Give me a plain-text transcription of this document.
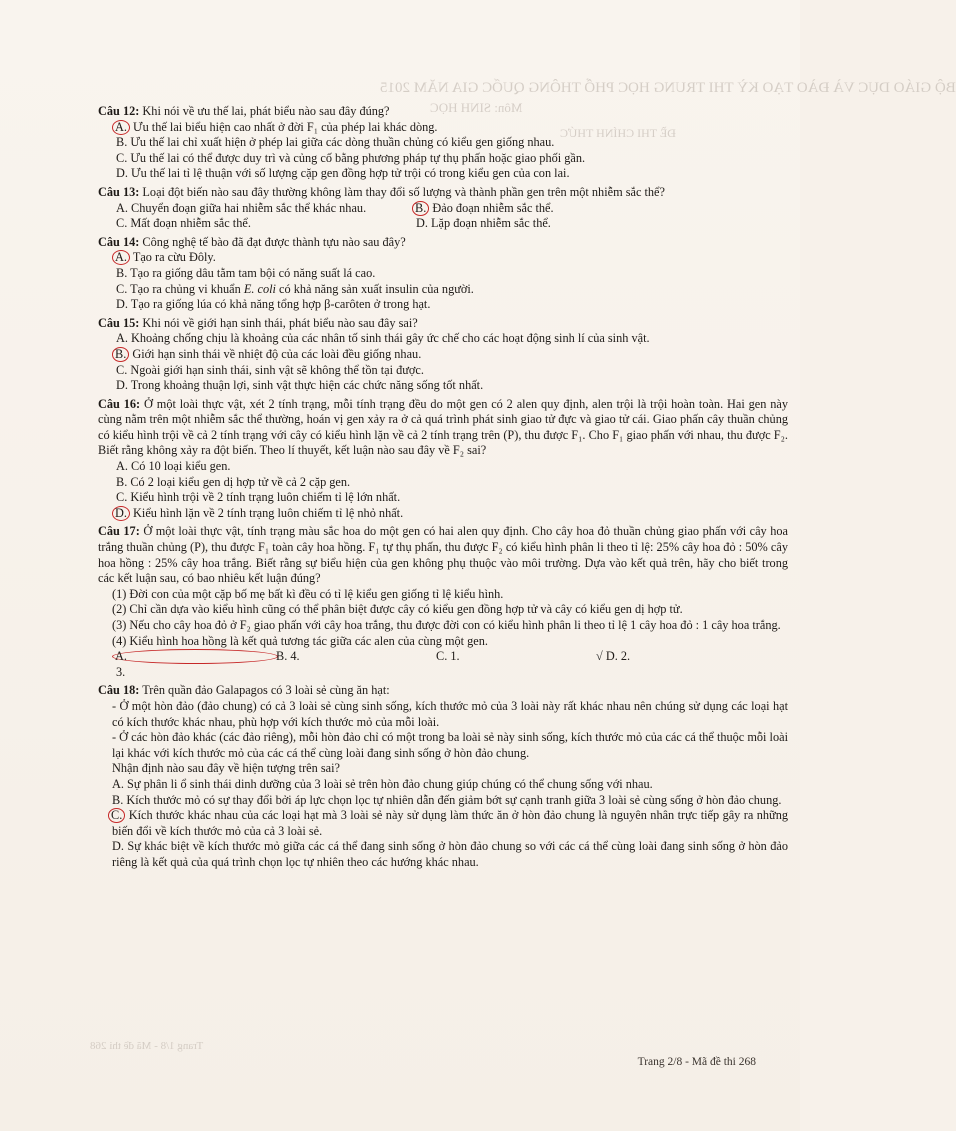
BỘ GIÁO DỤC VÀ ĐÀO TẠO KỲ THI TRUNG HỌC PHỔ THÔNG QUỐC GIA NĂM 2015
Môn: SINH HỌC
ĐỀ THI CHÍNH THỨC
Trang 1/8 - Mã đề thi 268

Câu 12: Khi nói về ưu thế lai, phát biểu nào sau đây đúng?

A. Ưu thế lai biểu hiện cao nhất ở đời F₁ của phép lai khác dòng.

B. Ưu thế lai chỉ xuất hiện ở phép lai giữa các dòng thuần chủng có kiểu gen giống nhau.

C. Ưu thế lai có thể được duy trì và củng cố bằng phương pháp tự thụ phấn hoặc giao phối gần.

D. Ưu thế lai tỉ lệ thuận với số lượng cặp gen đồng hợp tử trội có trong kiểu gen của con lai.

Câu 13: Loại đột biến nào sau đây thường không làm thay đổi số lượng và thành phần gen trên một nhiễm sắc thể?

A. Chuyển đoạn giữa hai nhiễm sắc thể khác nhau.	B. Đảo đoạn nhiễm sắc thể.

C. Mất đoạn nhiễm sắc thể.	D. Lặp đoạn nhiễm sắc thể.

Câu 14: Công nghệ tế bào đã đạt được thành tựu nào sau đây?

A. Tạo ra cừu Đôly.

B. Tạo ra giống dâu tằm tam bội có năng suất lá cao.

C. Tạo ra chủng vi khuẩn E. coli có khả năng sản xuất insulin của người.

D. Tạo ra giống lúa có khả năng tổng hợp β-carôten ở trong hạt.

Câu 15: Khi nói về giới hạn sinh thái, phát biểu nào sau đây sai?

A. Khoảng chống chịu là khoảng của các nhân tố sinh thái gây ức chế cho các hoạt động sinh lí của sinh vật.

B. Giới hạn sinh thái về nhiệt độ của các loài đều giống nhau.

C. Ngoài giới hạn sinh thái, sinh vật sẽ không thể tồn tại được.

D. Trong khoảng thuận lợi, sinh vật thực hiện các chức năng sống tốt nhất.

Câu 16: Ở một loài thực vật, xét 2 tính trạng, mỗi tính trạng đều do một gen có 2 alen quy định, alen trội là trội hoàn toàn. Hai gen này cùng nằm trên một nhiễm sắc thể thường, hoán vị gen xảy ra ở cả quá trình phát sinh giao tử đực và giao tử cái. Giao phấn cây thuần chủng có kiểu hình trội về cả 2 tính trạng với cây có kiểu hình lặn về cả 2 tính trạng trên (P), thu được F₁. Cho F₁ giao phấn với nhau, thu được F₂. Biết rằng không xảy ra đột biến. Theo lí thuyết, kết luận nào sau đây về F₂ sai?

A. Có 10 loại kiểu gen.

B. Có 2 loại kiểu gen dị hợp tử về cả 2 cặp gen.

C. Kiểu hình trội về 2 tính trạng luôn chiếm tỉ lệ lớn nhất.

D. Kiểu hình lặn về 2 tính trạng luôn chiếm tỉ lệ nhỏ nhất.

Câu 17: Ở một loài thực vật, tính trạng màu sắc hoa do một gen có hai alen quy định. Cho cây hoa đỏ thuần chủng giao phấn với cây hoa trắng thuần chủng (P), thu được F₁ toàn cây hoa hồng. F₁ tự thụ phấn, thu được F₂ có kiểu hình phân li theo tỉ lệ: 25% cây hoa đỏ : 50% cây hoa hồng : 25% cây hoa trắng. Biết rằng sự biểu hiện của gen không phụ thuộc vào môi trường. Dựa vào kết quả trên, hãy cho biết trong các kết luận sau, có bao nhiêu kết luận đúng?

(1) Đời con của một cặp bố mẹ bất kì đều có tỉ lệ kiểu gen giống tỉ lệ kiểu hình.

(2) Chỉ cần dựa vào kiểu hình cũng có thể phân biệt được cây có kiểu gen đồng hợp tử và cây có kiểu gen dị hợp tử.

(3) Nếu cho cây hoa đỏ ở F₂ giao phấn với cây hoa trắng, thu được đời con có kiểu hình phân li theo tỉ lệ 1 cây hoa đỏ : 1 cây hoa trắng.

(4) Kiểu hình hoa hồng là kết quả tương tác giữa các alen của cùng một gen.

A. 3.
B. 4.	C. 1.	√ D. 2.

Câu 18: Trên quần đảo Galapagos có 3 loài sẻ cùng ăn hạt:

- Ở một hòn đảo (đảo chung) có cả 3 loài sẻ cùng sinh sống, kích thước mỏ của 3 loài này rất khác nhau nên chúng sử dụng các loại hạt có kích thước khác nhau, phù hợp với kích thước mỏ của mỗi loài.

- Ở các hòn đảo khác (các đảo riêng), mỗi hòn đảo chỉ có một trong ba loài sẻ này sinh sống, kích thước mỏ của các cá thể thuộc mỗi loài lại khác với kích thước mỏ của các cá thể cùng loài đang sinh sống ở hòn đảo chung.

Nhận định nào sau đây về hiện tượng trên sai?

A. Sự phân li ổ sinh thái dinh dưỡng của 3 loài sẻ trên hòn đảo chung giúp chúng có thể chung sống với nhau.

B. Kích thước mỏ có sự thay đổi bởi áp lực chọn lọc tự nhiên dẫn đến giảm bớt sự cạnh tranh giữa 3 loài sẻ cùng sống ở hòn đảo chung.

C. Kích thước khác nhau của các loại hạt mà 3 loài sẻ này sử dụng làm thức ăn ở hòn đảo chung là nguyên nhân trực tiếp gây ra những biến đổi về kích thước mỏ của cả 3 loài sẻ.

D. Sự khác biệt về kích thước mỏ giữa các cá thể đang sinh sống ở hòn đảo chung so với các cá thể cùng loài đang sinh sống ở hòn đảo riêng là kết quả của quá trình chọn lọc tự nhiên theo các hướng khác nhau.

Trang 2/8 - Mã đề thi 268
